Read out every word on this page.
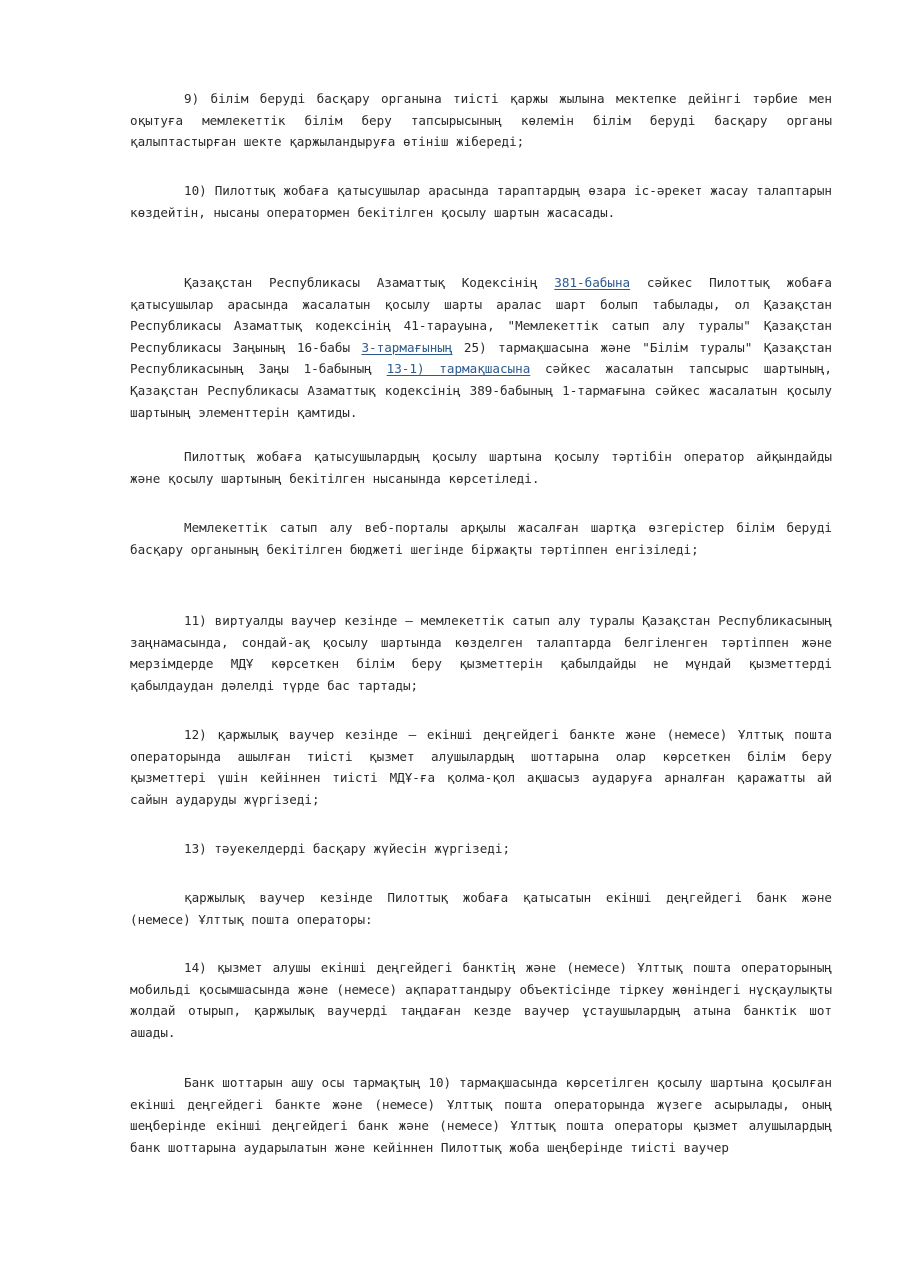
9) білім беруді басқару органына тиісті қаржы жылына мектепке дейінгі тәрбие мен оқытуға мемлекеттік білім беру тапсырысының көлемін білім беруді басқару органы қалыптастырған шекте қаржыландыруға өтініш жібереді;

10) Пилоттық жобаға қатысушылар арасында тараптардың өзара іс-әрекет жасау талаптарын көздейтін, нысаны оператормен бекітілген қосылу шартын жасасады.

Қазақстан Республикасы Азаматтық Кодексінің 381-бабына сәйкес Пилоттық жобаға қатысушылар арасында жасалатын қосылу шарты аралас шарт болып табылады, ол Қазақстан Республикасы Азаматтық кодексінің 41-тарауына, "Мемлекеттік сатып алу туралы" Қазақстан Республикасы Заңының 16-бабы 3-тармағының 25) тармақшасына және "Білім туралы" Қазақстан Республикасының Заңы 1-бабының 13-1) тармақшасына сәйкес жасалатын тапсырыс шартының, Қазақстан Республикасы Азаматтық кодексінің 389-бабының 1-тармағына сәйкес жасалатын қосылу шартының элементтерін қамтиды.

Пилоттық жобаға қатысушылардың қосылу шартына қосылу тәртібін оператор айқындайды және қосылу шартының бекітілген нысанында көрсетіледі.

Мемлекеттік сатып алу веб-порталы арқылы жасалған шартқа өзгерістер білім беруді басқару органының бекітілген бюджеті шегінде біржақты тәртіппен енгізіледі;

11) виртуалды ваучер кезінде – мемлекеттік сатып алу туралы Қазақстан Республикасының заңнамасында, сондай-ақ қосылу шартында көзделген талаптарда белгіленген тәртіппен және мерзімдерде МДҰ көрсеткен білім беру қызметтерін қабылдайды не мұндай қызметтерді қабылдаудан дәлелді түрде бас тартады;

12) қаржылық ваучер кезінде – екінші деңгейдегі банкте және (немесе) Ұлттық пошта операторында ашылған тиісті қызмет алушылардың шоттарына олар көрсеткен білім беру қызметтері үшін кейіннен тиісті МДҰ-ға қолма-қол ақшасыз аударуға арналған қаражатты ай сайын аударуды жүргізеді;

13) тәуекелдерді басқару жүйесін жүргізеді;

қаржылық ваучер кезінде Пилоттық жобаға қатысатын екінші деңгейдегі банк және (немесе) Ұлттық пошта операторы:

14) қызмет алушы екінші деңгейдегі банктің және (немесе) Ұлттық пошта операторының мобильді қосымшасында және (немесе) ақпараттандыру объектісінде тіркеу жөніндегі нұсқаулықты жолдай отырып, қаржылық ваучерді таңдаған кезде ваучер ұстаушылардың атына банктік шот ашады.

Банк шоттарын ашу осы тармақтың 10) тармақшасында көрсетілген қосылу шартына қосылған екінші деңгейдегі банкте және (немесе) Ұлттық пошта операторында жүзеге асырылады, оның шеңберінде екінші деңгейдегі банк және (немесе) Ұлттық пошта операторы қызмет алушылардың банк шоттарына аударылатын және кейіннен Пилоттық жоба шеңберінде тиісті ваучер
